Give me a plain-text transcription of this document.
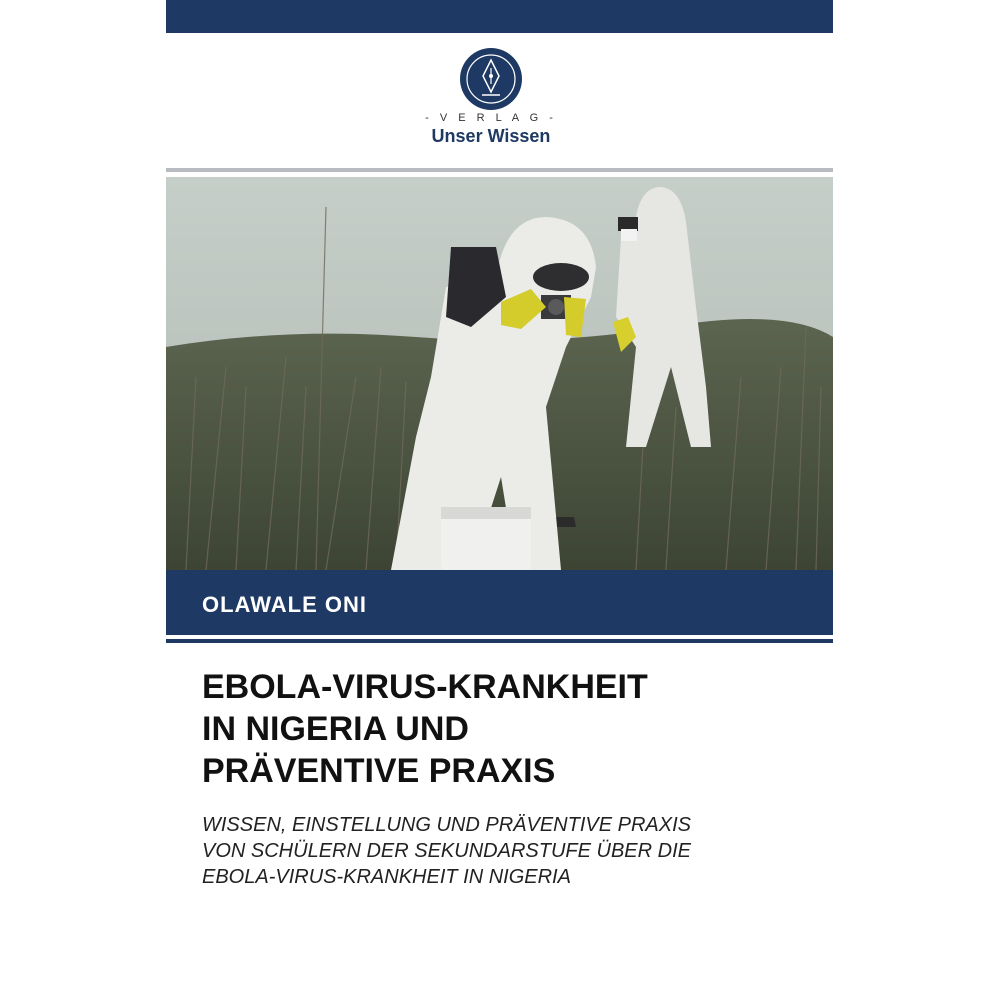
- V E R L A G -
Unser Wissen
OLAWALE ONI
EBOLA-VIRUS-KRANKHEIT
IN NIGERIA UND
PRÄVENTIVE PRAXIS
WISSEN, EINSTELLUNG UND PRÄVENTIVE PRAXIS
VON SCHÜLERN DER SEKUNDARSTUFE ÜBER DIE
EBOLA-VIRUS-KRANKHEIT IN NIGERIA
